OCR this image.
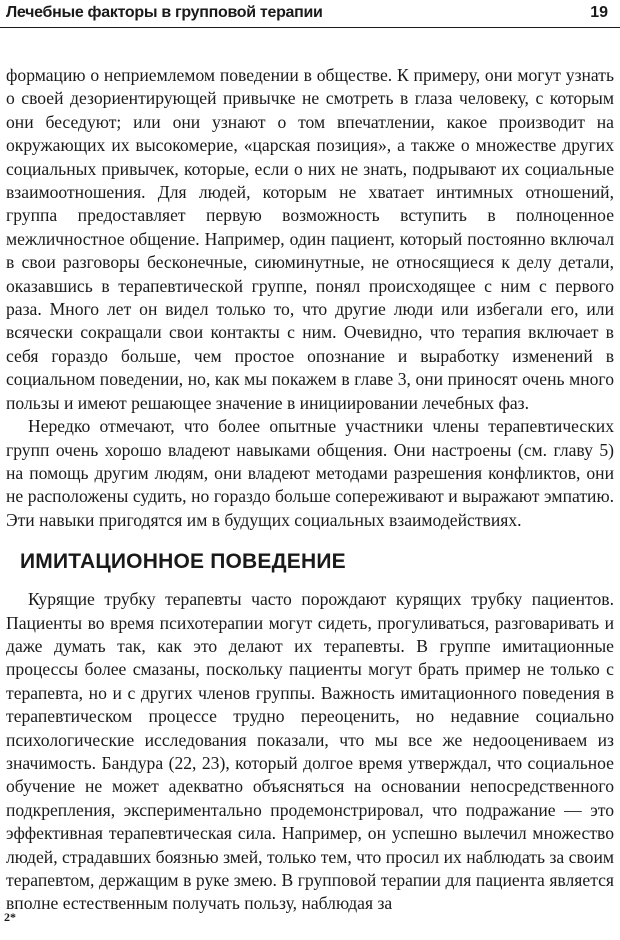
Лечебные факторы в групповой терапии	19

формацию о неприемлемом поведении в обществе. К примеру, они могут узнать о своей дезориентирующей привычке не смотреть в глаза человеку, с которым они беседуют; или они узнают о том впечатлении, какое производит на окружающих их высокомерие, «царская позиция», а также о множестве других социальных привычек, которые, если о них не знать, подрывают их социальные взаимоотношения. Для людей, которым не хватает интимных отношений, группа предоставляет первую возможность вступить в полноценное межличностное общение. Например, один пациент, который постоянно включал в свои разговоры бесконечные, сиюминутные, не относящиеся к делу детали, оказавшись в терапевтической группе, понял происходящее с ним с первого раза. Много лет он видел только то, что другие люди или избегали его, или всячески сокращали свои контакты с ним. Очевидно, что терапия включает в себя гораздо больше, чем простое опознание и выработку изменений в социальном поведении, но, как мы покажем в главе 3, они приносят очень много пользы и имеют решающее значение в инициировании лечебных фаз.

Нередко отмечают, что более опытные участники члены терапевтических групп очень хорошо владеют навыками общения. Они настроены (см. главу 5) на помощь другим людям, они владеют методами разрешения конфликтов, они не расположены судить, но гораздо больше сопереживают и выражают эмпатию. Эти навыки пригодятся им в будущих социальных взаимодействиях.

ИМИТАЦИОННОЕ ПОВЕДЕНИЕ

Курящие трубку терапевты часто порождают курящих трубку пациентов. Пациенты во время психотерапии могут сидеть, прогуливаться, разговаривать и даже думать так, как это делают их терапевты. В группе имитационные процессы более смазаны, поскольку пациенты могут брать пример не только с терапевта, но и с других членов группы. Важность имитационного поведения в терапевтическом процессе трудно переоценить, но недавние социально психологические исследования показали, что мы все же недооцениваем из значимость. Бандура (22, 23), который долгое время утверждал, что социальное обучение не может адекватно объясняться на основании непосредственного подкрепления, экспериментально продемонстрировал, что подражание — это эффективная терапевтическая сила. Например, он успешно вылечил множество людей, страдавших боязнью змей, только тем, что просил их наблюдать за своим терапевтом, держащим в руке змею. В групповой терапии для пациента является вполне естественным получать пользу, наблюдая за

2*
